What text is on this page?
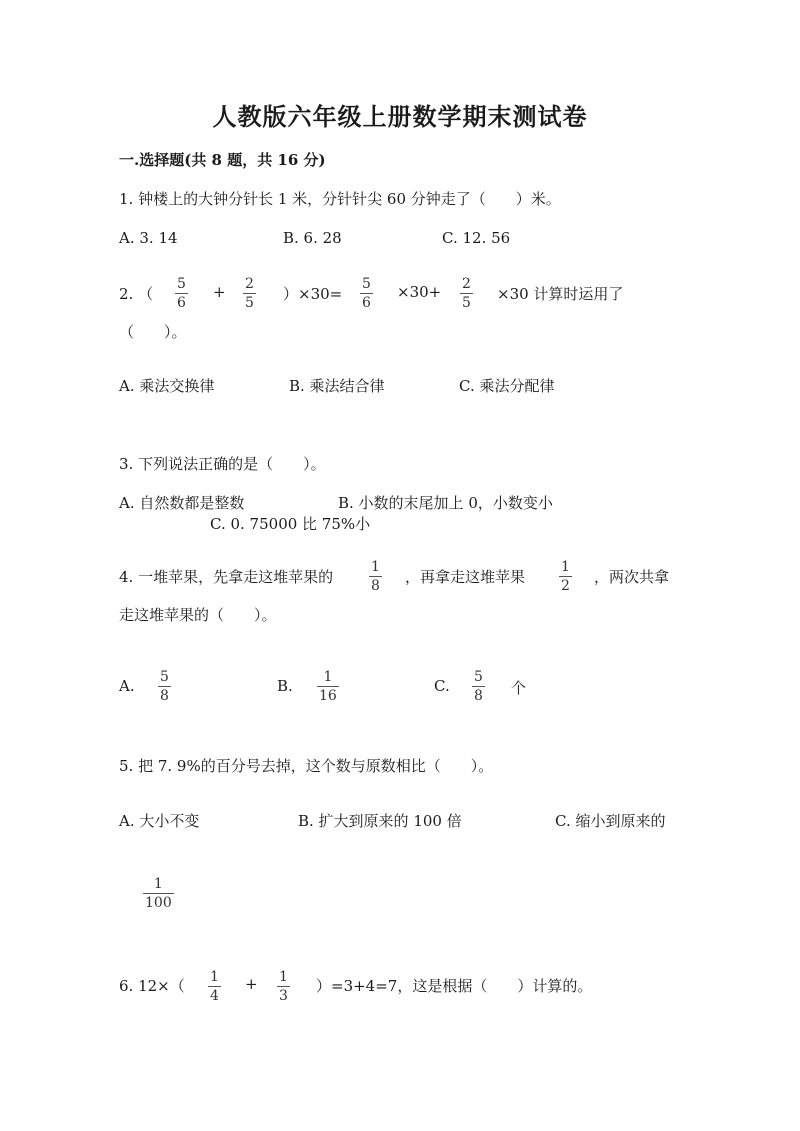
人教版六年级上册数学期末测试卷
一.选择题(共 8 题，共 16 分)
1. 钟楼上的大钟分针长 1 米，分针针尖 60 分钟走了（　　）米。
A. 3. 14	B. 6. 28	C. 12. 56
2. （
5
6
+ 2
5 ）×30=
5
6
×30+ 2
5 ×30 计算时运用了
（　　）。
A. 乘法交换律	B. 乘法结合律	C. 乘法分配律
3. 下列说法正确的是（　　）。
A. 自然数都是整数	B. 小数的末尾加上 0，小数变小
C. 0. 75000 比 75%小
4. 一堆苹果，先拿走这堆苹果的
1
8 ，再拿走这堆苹果
1
2 ，两次共拿
走这堆苹果的（　　）。
A. 5
8
B. 1
16
C. 5
8 个
5. 把 7. 9%的百分号去掉，这个数与原数相比（　　）。
A. 大小不变	B. 扩大到原来的 100 倍	C. 缩小到原来的
1
100
6. 12×（ 1
4
+ 1
3
）=3+4=7，这是根据（　　）计算的。
